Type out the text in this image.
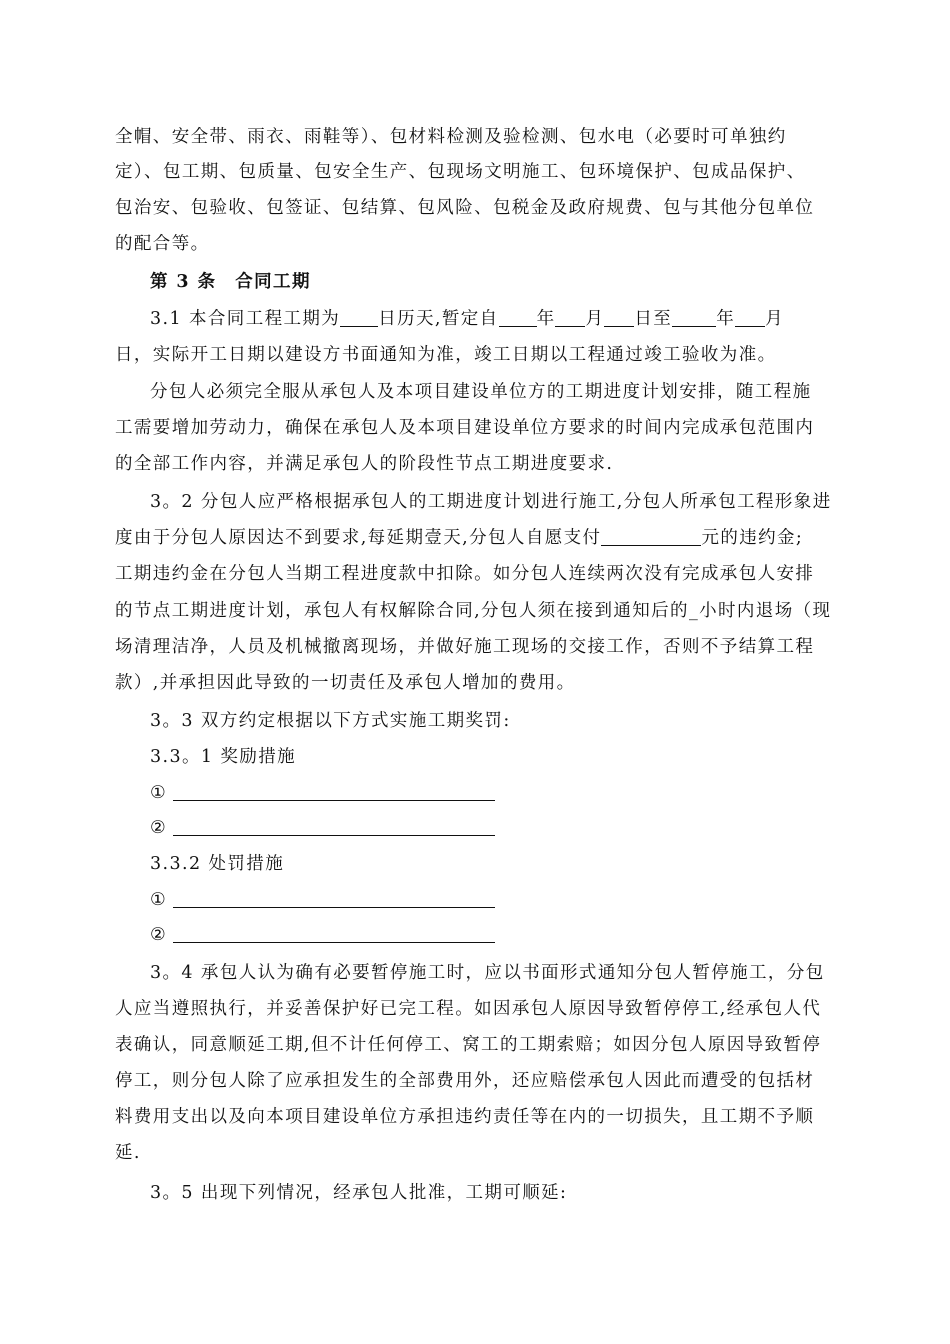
全帽、安全带、雨衣、雨鞋等）、包材料检测及验检测、包水电（必要时可单独约
定）、包工期、包质量、包安全生产、包现场文明施工、包环境保护、包成品保护、
包治安、包验收、包签证、包结算、包风险、包税金及政府规费、包与其他分包单位
的配合等。
第 3 条　合同工期
3.1 本合同工程工期为 日历天,暂定自 年 月 日至	年 月
日，实际开工日期以建设方书面通知为准，竣工日期以工程通过竣工验收为准。
分包人必须完全服从承包人及本项目建设单位方的工期进度计划安排，随工程施
工需要增加劳动力，确保在承包人及本项目建设单位方要求的时间内完成承包范围内
的全部工作内容，并满足承包人的阶段性节点工期进度要求.
3。2 分包人应严格根据承包人的工期进度计划进行施工,分包人所承包工程形象进
度由于分包人原因达不到要求,每延期壹天,分包人自愿支付	元的违约金;
工期违约金在分包人当期工程进度款中扣除。如分包人连续两次没有完成承包人安排
的节点工期进度计划，承包人有权解除合同,分包人须在接到通知后的_小时内退场（现
场清理洁净，人员及机械撤离现场，并做好施工现场的交接工作，否则不予结算工程
款）,并承担因此导致的一切责任及承包人增加的费用。
3。3 双方约定根据以下方式实施工期奖罚:
3.3。1 奖励措施
①
②
3.3.2 处罚措施
①
②
3。4 承包人认为确有必要暂停施工时，应以书面形式通知分包人暂停施工，分包
人应当遵照执行，并妥善保护好已完工程。如因承包人原因导致暂停停工,经承包人代
表确认，同意顺延工期,但不计任何停工、窝工的工期索赔；如因分包人原因导致暂停
停工，则分包人除了应承担发生的全部费用外，还应赔偿承包人因此而遭受的包括材
料费用支出以及向本项目建设单位方承担违约责任等在内的一切损失，且工期不予顺
延.
3。5 出现下列情况，经承包人批准，工期可顺延:
